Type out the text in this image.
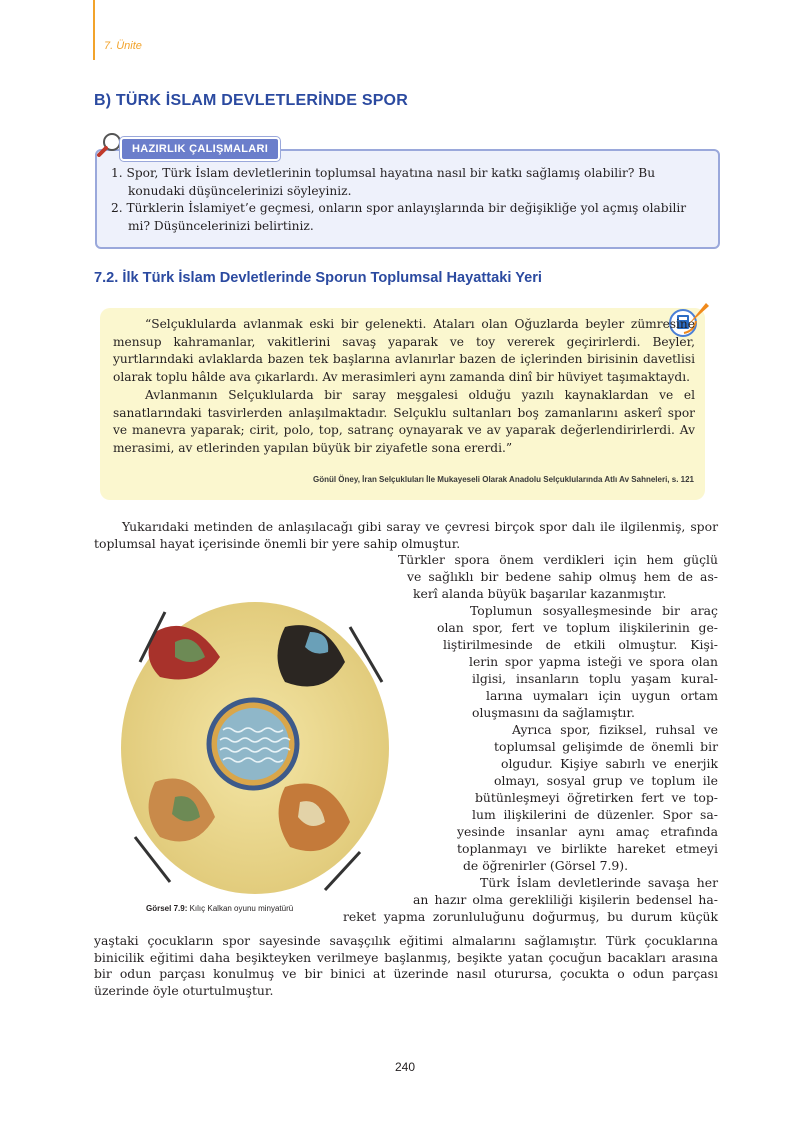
7. Ünite
B) TÜRK İSLAM DEVLETLERİNDE SPOR
HAZIRLIK ÇALIŞMALARI
1. Spor, Türk İslam devletlerinin toplumsal hayatına nasıl bir katkı sağlamış olabilir? Bu konudaki düşüncelerinizi söyleyiniz.
2. Türklerin İslamiyet’e geçmesi, onların spor anlayışlarında bir değişikliğe yol açmış olabilir mi? Düşüncelerinizi belirtiniz.
7.2. İlk Türk İslam Devletlerinde Sporun Toplumsal Hayattaki Yeri

“Selçuklularda avlanmak eski bir gelenekti. Ataları olan Oğuzlarda beyler zümresine mensup kahramanlar, vakitlerini savaş yaparak ve toy vererek geçirirlerdi. Beyler, yurtlarındaki avlaklarda bazen tek başlarına avlanırlar bazen de içlerinden birisinin davetlisi olarak toplu hâlde ava çıkarlardı. Av merasimleri aynı zamanda dinî bir hüviyet taşımaktaydı.

Avlanmanın Selçuklularda bir saray meşgalesi olduğu yazılı kaynaklardan ve el sanatlarındaki tasvirlerden anlaşılmaktadır. Selçuklu sultanları boş zamanlarını askerî spor ve manevra yaparak; cirit, polo, top, satranç oynayarak ve av yaparak değerlendirirlerdi. Av merasimi, av etlerinden yapılan büyük bir ziyafetle sona ererdi.”

Gönül Öney, İran Selçukluları İle Mukayeseli Olarak Anadolu Selçuklularında Atlı Av Sahneleri, s. 121

Yukarıdaki metinden de anlaşılacağı gibi saray ve çevresi birçok spor dalı ile ilgilenmiş, spor toplumsal hayat içerisinde önemli bir yere sahip olmuştur.

Türkler spora önem verdikleri için hem güçlü
ve sağlıklı bir bedene sahip olmuş hem de as-
kerî alanda büyük başarılar kazanmıştır.
Toplumun sosyalleşmesinde bir araç
olan spor, fert ve toplum ilişkilerinin ge-
liştirilmesinde de etkili olmuştur. Kişi-
lerin spor yapma isteği ve spora olan
ilgisi, insanların toplu yaşam kural-
larına uymaları için uygun ortam
oluşmasını da sağlamıştır.
Ayrıca spor, fiziksel, ruhsal ve
toplumsal gelişimde de önemli bir
olgudur. Kişiye sabırlı ve enerjik
olmayı, sosyal grup ve toplum ile
bütünleşmeyi öğretirken fert ve top-
lum ilişkilerini de düzenler. Spor sa-
yesinde insanlar aynı amaç etrafında
toplanmayı ve birlikte hareket etmeyi
de öğrenirler (Görsel 7.9).
Türk İslam devletlerinde savaşa her
an hazır olma gerekliliği kişilerin bedensel ha-
reket yapma zorunluluğunu doğurmuş, bu durum küçük
Görsel 7.9: Kılıç Kalkan oyunu minyatürü

yaştaki çocukların spor sayesinde savaşçılık eğitimi almalarını sağlamıştır. Türk çocuklarına binicilik eğitimi daha beşikteyken verilmeye başlanmış, beşikte yatan çocuğun bacakları arasına bir odun parçası konulmuş ve bir binici at üzerinde nasıl oturursa, çocukta o odun parçası üzerinde öyle oturtulmuştur.

240
